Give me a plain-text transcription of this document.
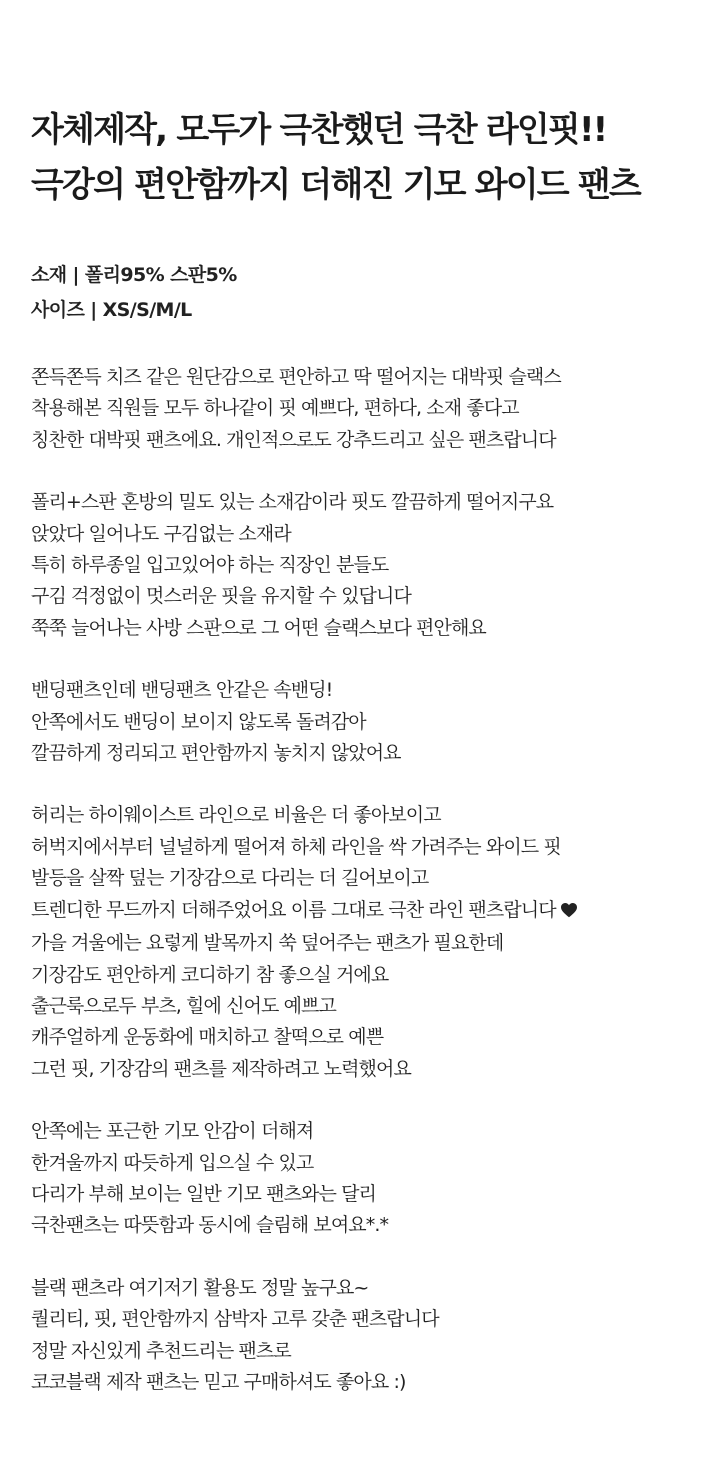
자체제작, 모두가 극찬했던 극찬 라인핏!!
극강의 편안함까지 더해진 기모 와이드 팬츠
소재 | 폴리95% 스판5%
사이즈 | XS/S/M/L
쫀득쫀득 치즈 같은 원단감으로 편안하고 딱 떨어지는 대박핏 슬랙스
착용해본 직원들 모두 하나같이 핏 예쁘다, 편하다, 소재 좋다고
칭찬한 대박핏 팬츠에요. 개인적으로도 강추드리고 싶은 팬츠랍니다
폴리+스판 혼방의 밀도 있는 소재감이라 핏도 깔끔하게 떨어지구요
앉았다 일어나도 구김없는 소재라
특히 하루종일 입고있어야 하는 직장인 분들도
구김 걱정없이 멋스러운 핏을 유지할 수 있답니다
쭉쭉 늘어나는 사방 스판으로 그 어떤 슬랙스보다 편안해요
밴딩팬츠인데 밴딩팬츠 안같은 속밴딩!
안쪽에서도 밴딩이 보이지 않도록 돌려감아
깔끔하게 정리되고 편안함까지 놓치지 않았어요
허리는 하이웨이스트 라인으로 비율은 더 좋아보이고
허벅지에서부터 널널하게 떨어져 하체 라인을 싹 가려주는 와이드 핏
발등을 살짝 덮는 기장감으로 다리는 더 길어보이고
트렌디한 무드까지 더해주었어요 이름 그대로 극찬 라인 팬츠랍니다
가을 겨울에는 요렇게 발목까지 쑥 덮어주는 팬츠가 필요한데
기장감도 편안하게 코디하기 참 좋으실 거에요
출근룩으로두 부츠, 힐에 신어도 예쁘고
캐주얼하게 운동화에 매치하고 찰떡으로 예쁜
그런 핏, 기장감의 팬츠를 제작하려고 노력했어요
안쪽에는 포근한 기모 안감이 더해져
한겨울까지 따듯하게 입으실 수 있고
다리가 부해 보이는 일반 기모 팬츠와는 달리
극찬팬츠는 따뜻함과 동시에 슬림해 보여요*.*
블랙 팬츠라 여기저기 활용도 정말 높구요~
퀄리티, 핏, 편안함까지 삼박자 고루 갖춘 팬츠랍니다
정말 자신있게 추천드리는 팬츠로
코코블랙 제작 팬츠는 믿고 구매하셔도 좋아요 :)
